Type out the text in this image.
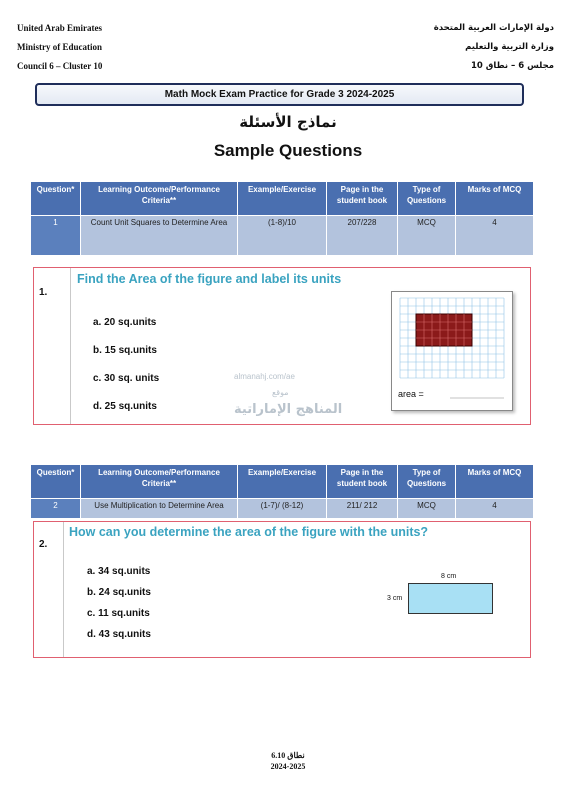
United Arab Emirates
Ministry of Education
Council 6 – Cluster 10
دولة الإمارات العربية المتحدة
وزارة التربية والتعليم
مجلس 6 – نطاق 10
Math Mock Exam Practice for Grade 3 2024-2025
نماذج الأسئلة
Sample Questions
Question*	Learning Outcome/Performance Criteria**	Example/Exercise	Page in the student book	Type of Questions	Marks of MCQ
1	Count Unit Squares to Determine Area	(1-8)/10	207/228	MCQ	4
1.
Find the Area of the figure and label its units
a. 20 sq.units
b. 15 sq.units
c. 30 sq. units
d. 25 sq.units
almanahj.com/ae
موقع
المناهج الإماراتية
area =
Question*	Learning Outcome/Performance Criteria**	Example/Exercise	Page in the student book	Type of Questions	Marks of MCQ
2	Use Multiplication to Determine Area	(1-7)/ (8-12)	211/ 212	MCQ	4
2.
How can you determine the area of the figure with the units?
a. 34 sq.units
b. 24 sq.units
c. 11 sq.units
d. 43 sq.units
8 cm
3 cm
نطاق 6.10
2024-2025
